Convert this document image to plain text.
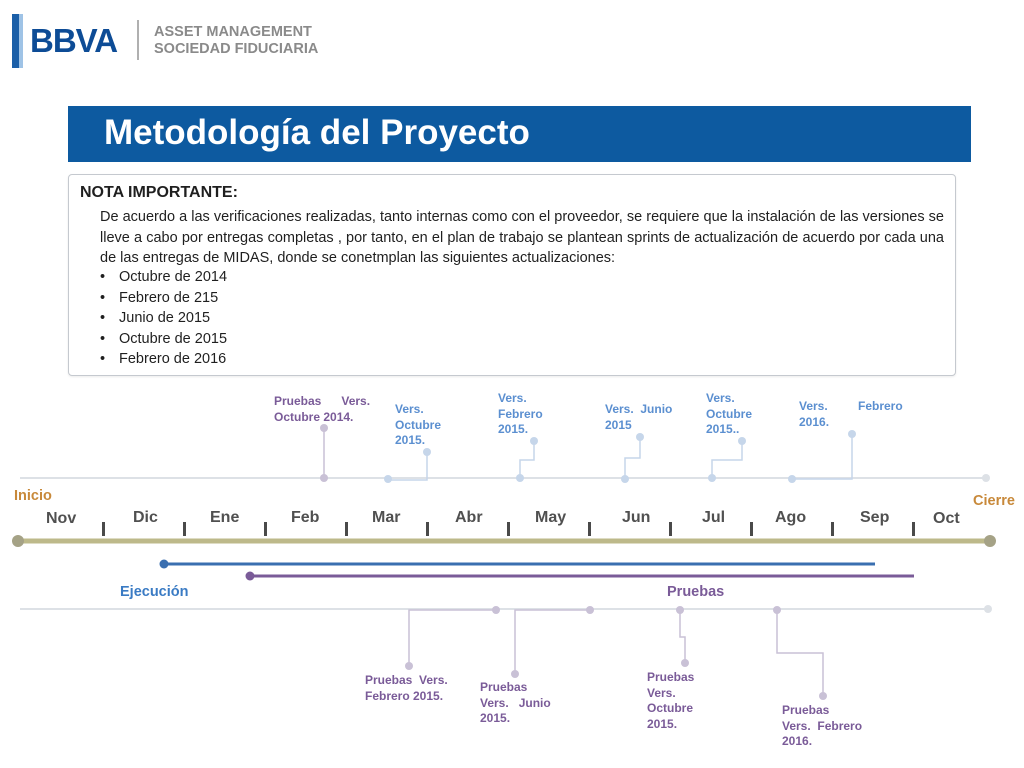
BBVA	ASSET MANAGEMENT
SOCIEDAD FIDUCIARIA
Metodología del Proyecto
NOTA IMPORTANTE:
De acuerdo a las verificaciones realizadas, tanto internas como con el proveedor, se requiere que la instalación de las versiones se lleve a cabo por entregas completas , por tanto, en el plan de trabajo se plantean sprints de actualización de acuerdo por cada una de las entregas de MIDAS, donde se conetmplan las siguientes actualizaciones:
• Octubre de 2014
• Febrero de 215
• Junio de 2015
• Octubre de 2015
• Febrero de 2016
Inicio	Cierre
Nov	Dic	Ene	Feb	Mar	Abr	May	Jun	Jul	Ago	Sep	Oct
Ejecución	Pruebas
Pruebas      Vers.
Octubre 2014.
Vers.
Octubre
2015.
Vers.
Febrero
2015.
Vers.  Junio
2015
Vers.
Octubre
2015..
Vers.
2016.
Febrero
Pruebas  Vers.
Febrero 2015.
Pruebas
Vers.   Junio
2015.
Pruebas
Vers.
Octubre
2015.
Pruebas
Vers.  Febrero
2016.
